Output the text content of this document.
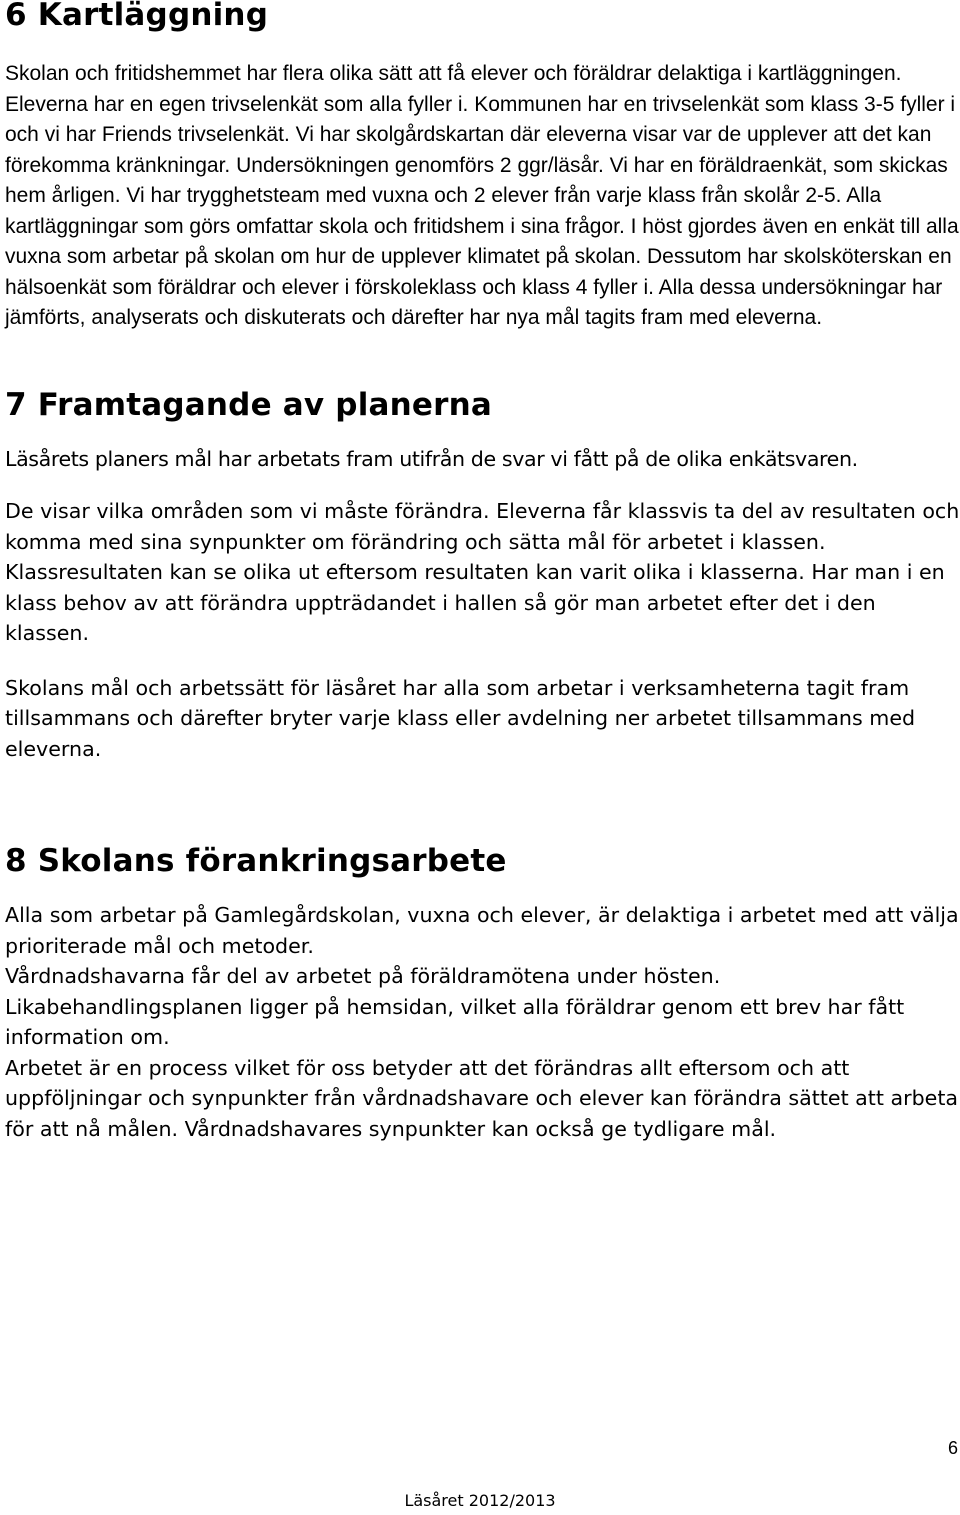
6 Kartläggning

Skolan och fritidshemmet har flera olika sätt att få elever och föräldrar delaktiga i kartläggningen. Eleverna har en egen trivselenkät som alla fyller i. Kommunen har en trivselenkät som klass 3-5 fyller i och vi har Friends trivselenkät. Vi har skolgårdskartan där eleverna visar var de upplever att det kan förekomma kränkningar. Undersökningen genomförs 2 ggr/läsår. Vi har en föräldraenkät, som skickas hem årligen. Vi har trygghetsteam med vuxna och 2 elever från varje klass från skolår 2-5. Alla kartläggningar som görs omfattar skola och fritidshem i sina frågor. I höst gjordes även en enkät till alla vuxna som arbetar på skolan om hur de upplever klimatet på skolan. Dessutom har skolsköterskan en hälsoenkät som föräldrar och elever i förskoleklass och klass 4 fyller i. Alla dessa undersökningar har jämförts, analyserats och diskuterats och därefter har nya mål tagits fram med eleverna.

7 Framtagande av planerna

Läsårets planers mål har arbetats fram utifrån de svar vi fått på de olika enkätsvaren.

De visar vilka områden som vi måste förändra. Eleverna får klassvis ta del av resultaten och komma med sina synpunkter om förändring och sätta mål för arbetet i klassen. Klassresultaten kan se olika ut eftersom resultaten kan varit olika i klasserna. Har man i en klass behov av att förändra uppträdandet i hallen så gör man arbetet efter det i den klassen.

Skolans mål och arbetssätt för läsåret har alla som arbetar i verksamheterna tagit fram tillsammans och därefter bryter varje klass eller avdelning ner arbetet tillsammans med eleverna.

8 Skolans förankringsarbete

Alla som arbetar på Gamlegårdskolan, vuxna och elever, är delaktiga i arbetet med att välja prioriterade mål och metoder.

Vårdnadshavarna får del av arbetet på föräldramötena under hösten.

Likabehandlingsplanen ligger på hemsidan, vilket alla föräldrar genom ett brev har fått information om.

Arbetet är en process vilket för oss betyder att det förändras allt eftersom och att uppföljningar och synpunkter från vårdnadshavare och elever kan förändra sättet att arbeta för att nå målen. Vårdnadshavares synpunkter kan också ge tydligare mål.

6
Läsåret 2012/2013
